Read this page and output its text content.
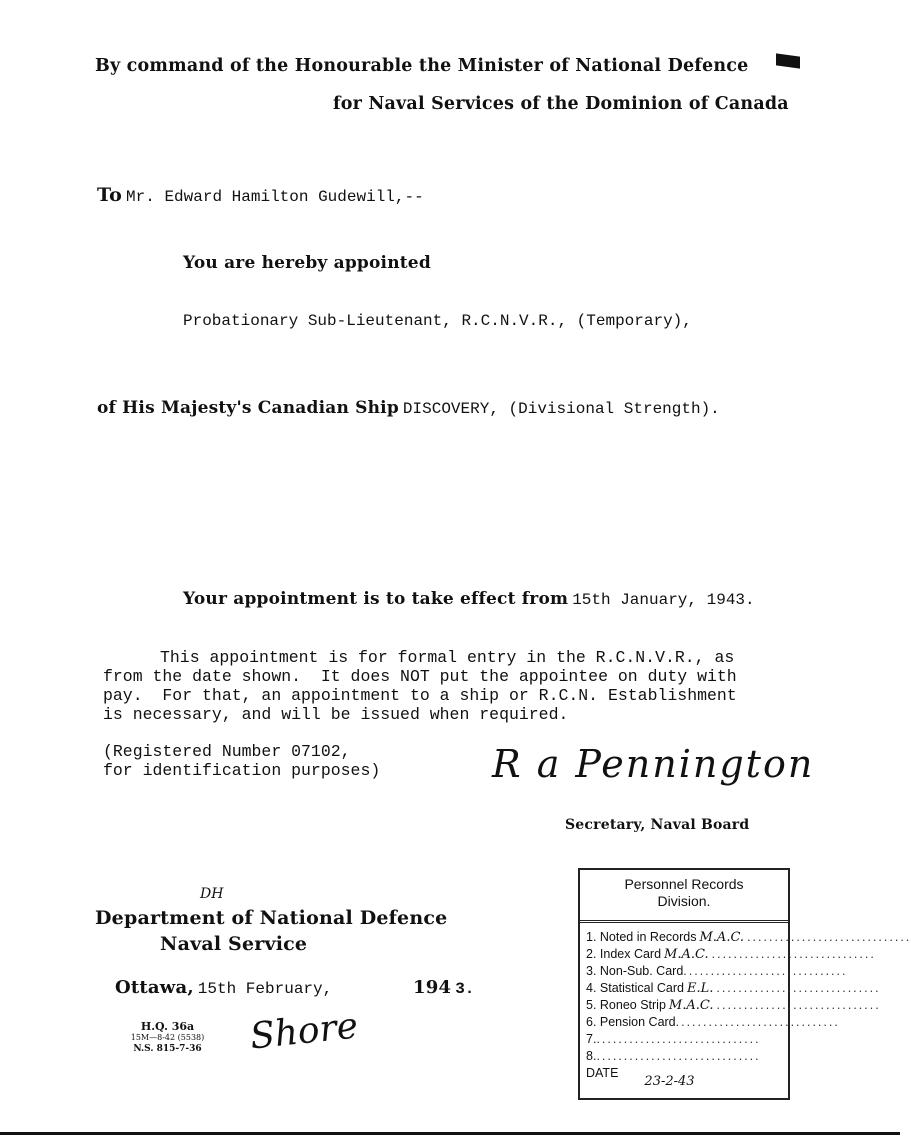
By command of the Honourable the Minister of National Defence
for Naval Services of the Dominion of Canada
To Mr. Edward Hamilton Gudewill,--
You are hereby appointed
Probationary Sub-Lieutenant, R.C.N.V.R., (Temporary),
of His Majesty's Canadian Ship DISCOVERY, (Divisional Strength).
Your appointment is to take effect from 15th January, 1943.
This appointment is for formal entry in the R.C.N.V.R., as
from the date shown.  It does NOT put the appointee on duty with
pay.  For that, an appointment to a ship or R.C.N. Establishment
is necessary, and will be issued when required.
(Registered Number 07102,
for identification purposes)	R a Pennington
Secretary, Naval Board
DH
Department of National Defence
Naval Service
Ottawa, 15th February,	194 3.
H.Q. 36a
15M—8-42 (5538)
N.S. 815-7-36 Shore
Personnel Records
Division.
1. Noted in Records M.A.C. ..............................
2. Index Card M.A.C. ..............................
3. Non-Sub. Card ..............................
4. Statistical Card E.L. ..............................
5. Roneo Strip M.A.C. ..............................
6. Pension Card ..............................
7. ..............................
8. ..............................
DATE
23-2-43
